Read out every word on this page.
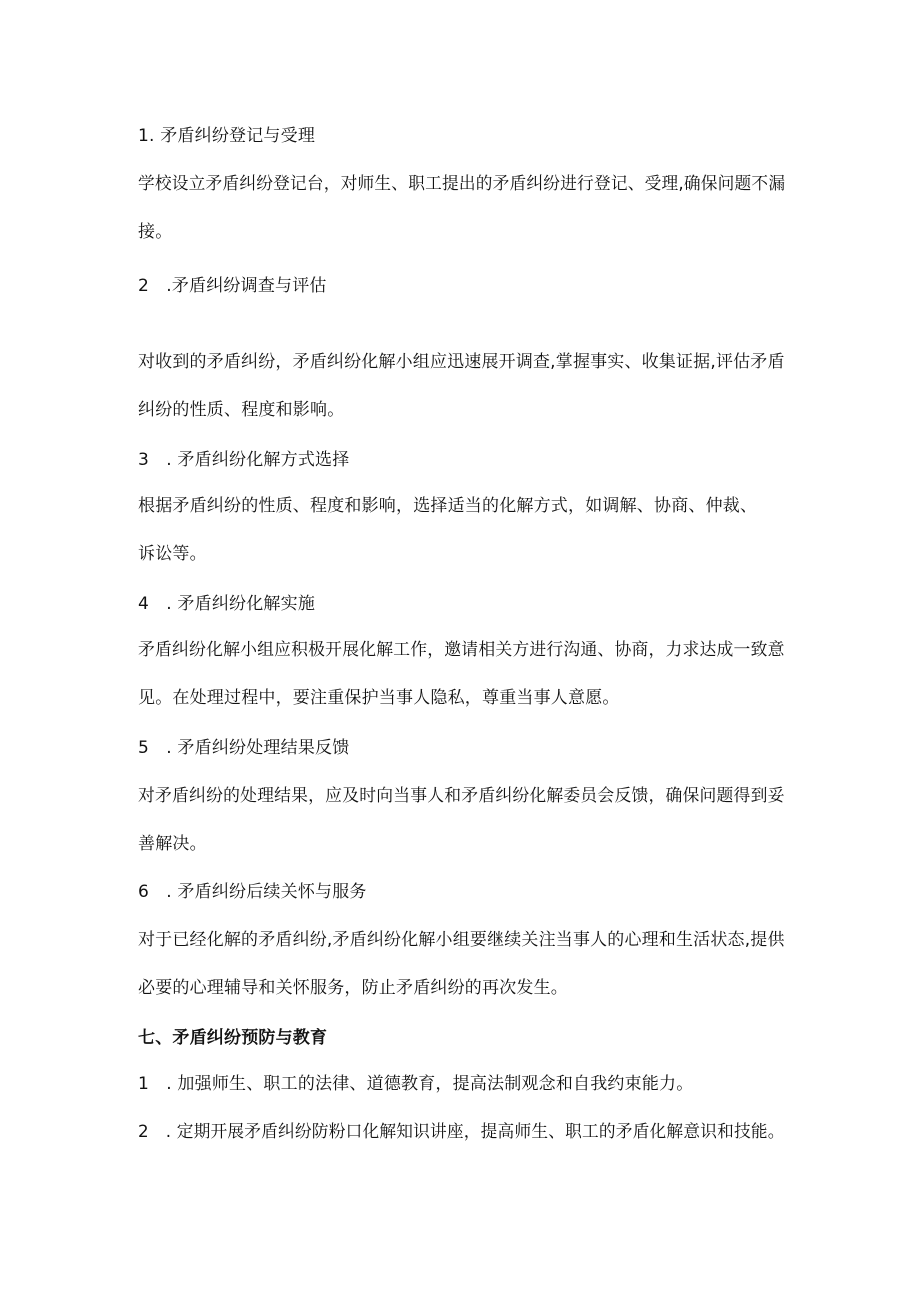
1. 矛盾纠纷登记与受理
学校设立矛盾纠纷登记台，对师生、职工提出的矛盾纠纷进行登记、受理,确保问题不漏
接。
2　.矛盾纠纷调查与评估
对收到的矛盾纠纷，矛盾纠纷化解小组应迅速展开调查,掌握事实、收集证据,评估矛盾
纠纷的性质、程度和影响。
3　. 矛盾纠纷化解方式选择
根据矛盾纠纷的性质、程度和影响，选择适当的化解方式，如调解、协商、仲裁、
诉讼等。
4　. 矛盾纠纷化解实施
矛盾纠纷化解小组应积极开展化解工作，邀请相关方进行沟通、协商，力求达成一致意
见。在处理过程中，要注重保护当事人隐私，尊重当事人意愿。
5　. 矛盾纠纷处理结果反馈
对矛盾纠纷的处理结果，应及时向当事人和矛盾纠纷化解委员会反馈，确保问题得到妥
善解决。
6　. 矛盾纠纷后续关怀与服务
对于已经化解的矛盾纠纷,矛盾纠纷化解小组要继续关注当事人的心理和生活状态,提供
必要的心理辅导和关怀服务，防止矛盾纠纷的再次发生。
七、矛盾纠纷预防与教育
1　. 加强师生、职工的法律、道德教育，提高法制观念和自我约束能力。
2　. 定期开展矛盾纠纷防粉口化解知识讲座，提高师生、职工的矛盾化解意识和技能。
